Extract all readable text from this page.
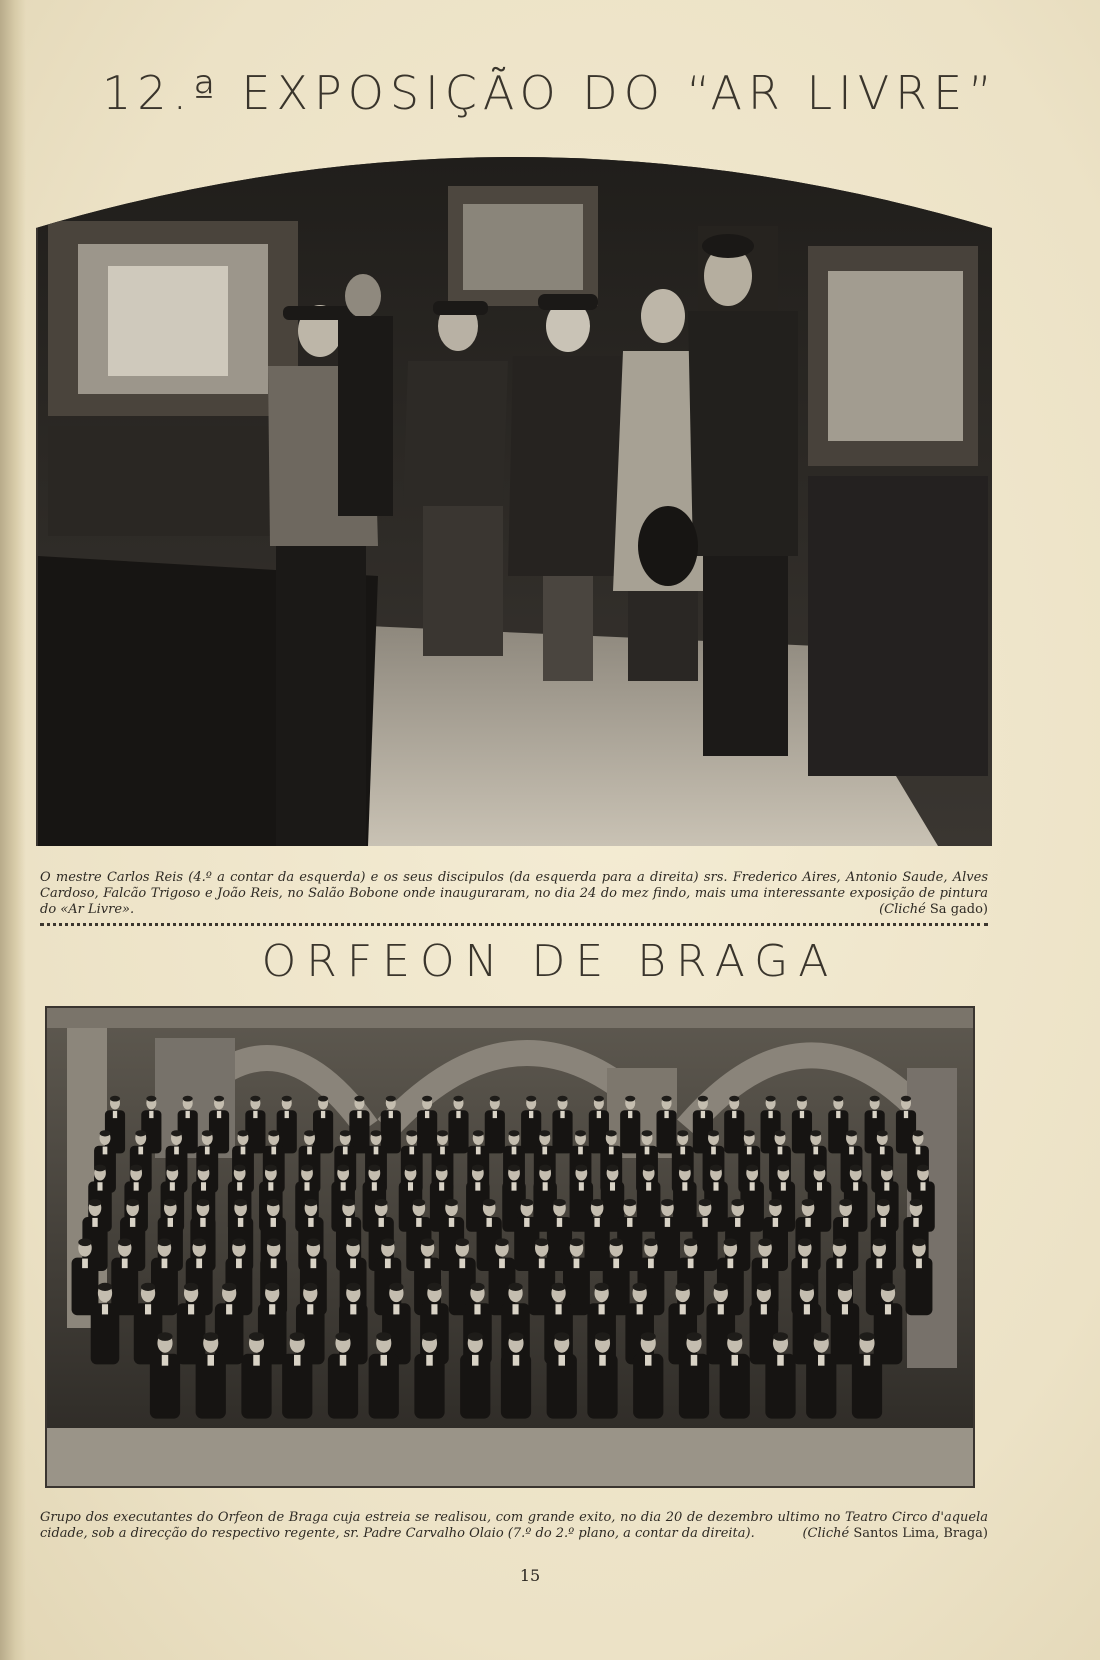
12.ª EXPOSIÇÃO DO “AR LIVRE”
O mestre Carlos Reis (4.º a contar da esquerda) e os seus discipulos (da esquerda para a direita) srs. Frederico Aires, Antonio Saude, Alves Cardoso, Falcão Trigoso e João Reis, no Salão Bobone onde inauguraram, no dia 24 do mez findo, mais uma interessante exposição de pintura do «Ar Livre».	(Cliché Sa gado)
ORFEON DE BRAGA
Grupo dos executantes do Orfeon de Braga cuja estreia se realisou, com grande exito, no dia 20 de dezembro ultimo no Teatro Circo d'aquela cidade, sob a direcção do respectivo regente, sr. Padre Carvalho Olaio (7.º do 2.º plano, a contar da direita).	(Cliché Santos Lima, Braga)
15
